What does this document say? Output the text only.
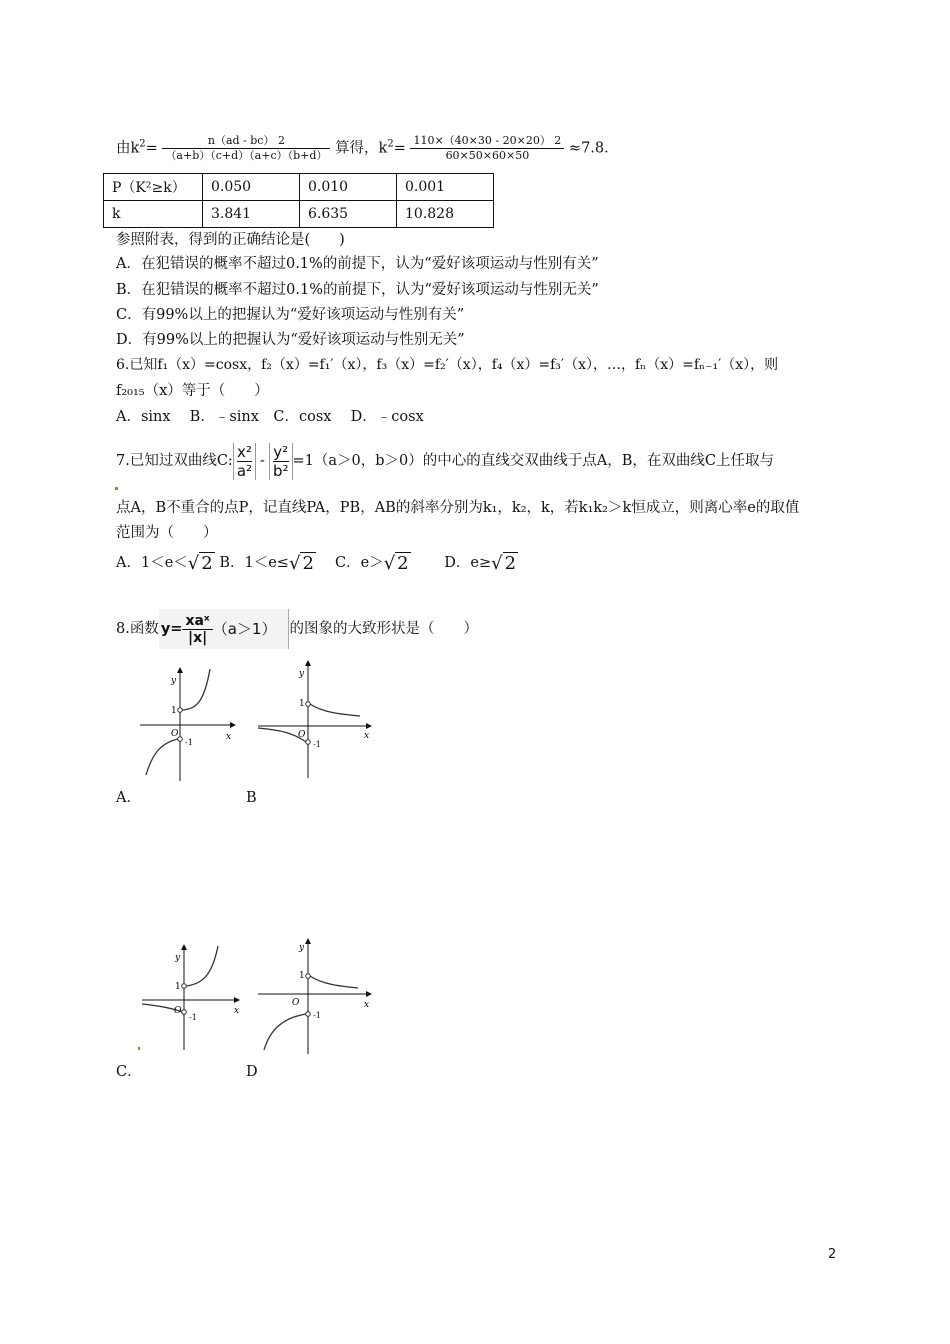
由$k^2= \frac{n(ad - bc) 2}{(a+b)(c+d)(a+c)(b+d)}$ 算得，$k^2= \frac{110\times(40\times 30 - 20\times 20) 2}{60\times 50\times 60\times 50} \approx 7.8$．
P（K²≥k）	0.050	0.010	0.001
k	3.841	6.635	10.828
参照附表，得到的正确结论是(　　)
A．在犯错误的概率不超过0.1%的前提下，认为“爱好该项运动与性别有关”
B．在犯错误的概率不超过0.1%的前提下，认为“爱好该项运动与性别无关”
C．有99%以上的把握认为“爱好该项运动与性别有关”
D．有99%以上的把握认为“爱好该项运动与性别无关”
6.已知f₁（x）=cosx，f₂（x）=f₁′（x），f₃（x）=f₂′（x），f₄（x）=f₃′（x），…，fₙ（x）=fₙ₋₁′（x），则
f₂₀₁₅（x）等于（　　）
A．sinx　 B．﹣sinx　C．cosx　 D．﹣cosx
7.已知过双曲线C: $\frac{\text{x²}}{\text{a²}} - \frac{\text{y²}}{\text{b²}} =1(a>0$，b＞0）的中心的直线交双曲线于点A，B，在双曲线C上任取与
点A，B不重合的点P，记直线PA，PB，AB的斜率分别为k₁，k₂，k，若k₁k₂＞k恒成立，则离心率e的取值
范围为（　　）
A．1＜e＜√ 2 B．1＜e≤√ 2 　 C．e＞√ 2 　　 D．e≥√ 2
8.函数 $y= \frac{\text{xaˣ}}{|x|} (a>1)$ 的图象的大致形状是（　　）
y
x
1
-1
O
y
x
1
-1
O
A．	B
y
x
1
-1
O
y
x
1
-1
O
C．	D
2
